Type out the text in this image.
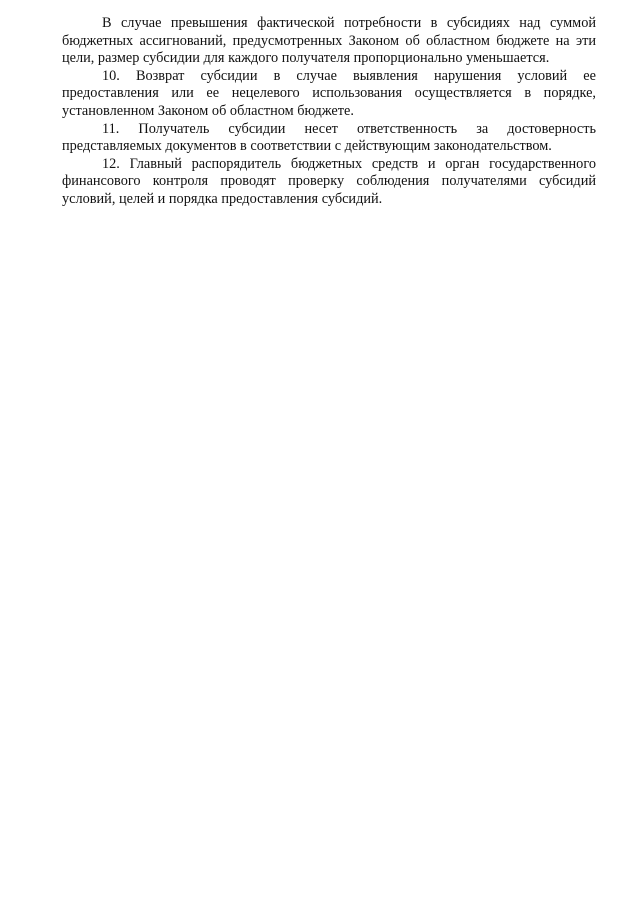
В случае превышения фактической потребности в субсидиях над суммой бюджетных ассигнований, предусмотренных Законом об областном бюджете на эти цели, размер субсидии для каждого получателя пропорционально уменьшается.

10. Возврат субсидии в случае выявления нарушения условий ее предоставления или ее нецелевого использования осуществляется в порядке, установленном Законом об областном бюджете.

11. Получатель субсидии несет ответственность за достоверность представляемых документов в соответствии с действующим законодательством.

12. Главный распорядитель бюджетных средств и орган государственного финансового контроля проводят проверку соблюдения получателями субсидий условий, целей и порядка предоставления субсидий.
